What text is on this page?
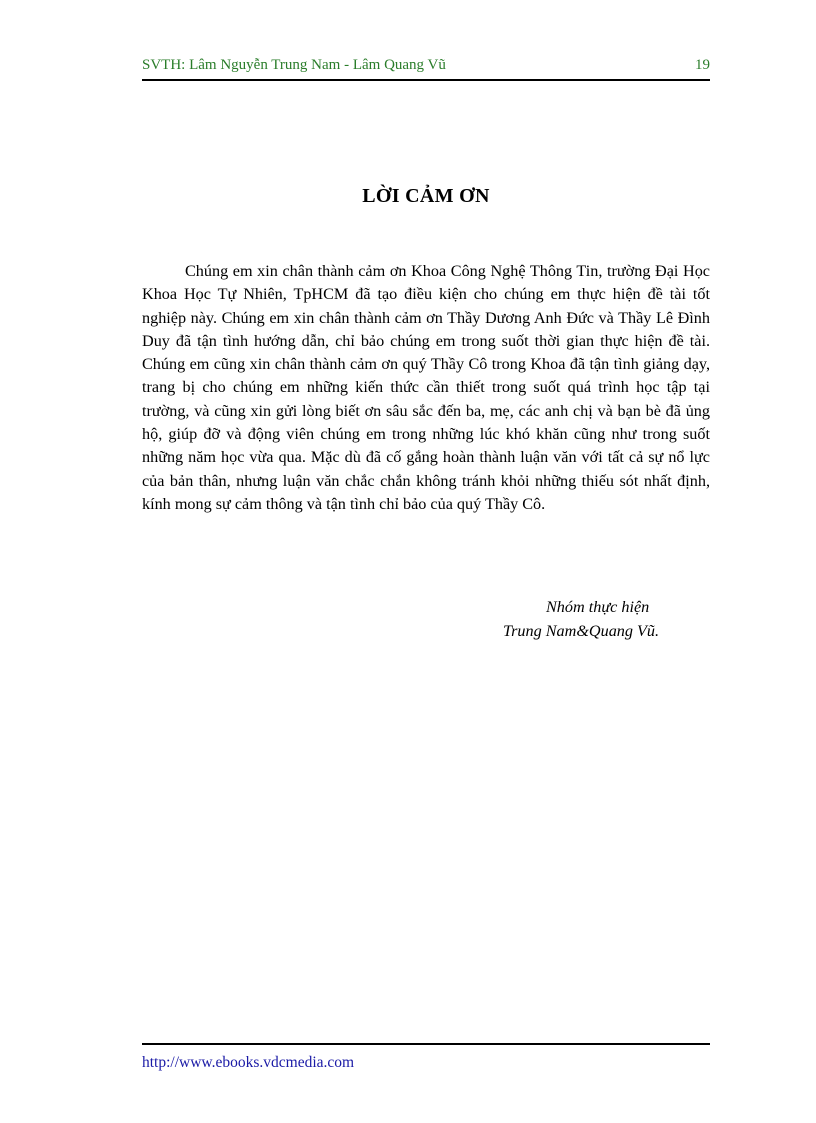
SVTH: Lâm Nguyễn Trung Nam - Lâm Quang Vũ	19
LỜI CẢM ƠN

Chúng em xin chân thành cảm ơn Khoa Công Nghệ Thông Tin, trường Đại Học Khoa Học Tự Nhiên, TpHCM đã tạo điều kiện cho chúng em thực hiện đề tài tốt nghiệp này. Chúng em xin chân thành cảm ơn Thầy Dương Anh Đức và Thầy Lê Đình Duy đã tận tình hướng dẫn, chỉ bảo chúng em trong suốt thời gian thực hiện đề tài. Chúng em cũng xin chân thành cảm ơn quý Thầy Cô trong Khoa đã tận tình giảng dạy, trang bị cho chúng em những kiến thức cần thiết trong suốt quá trình học tập tại trường, và cũng xin gửi lòng biết ơn sâu sắc đến ba, mẹ, các anh chị và bạn bè đã ủng hộ, giúp đỡ và động viên chúng em trong những lúc khó khăn cũng như trong suốt những năm học vừa qua. Mặc dù đã cố gắng hoàn thành luận văn với tất cả sự nổ lực của bản thân, nhưng luận văn chắc chắn không tránh khỏi những thiếu sót nhất định, kính mong sự cảm thông và tận tình chỉ bảo của quý Thầy Cô.

Nhóm thực hiện
Trung Nam&Quang Vũ.
http://www.ebooks.vdcmedia.com
